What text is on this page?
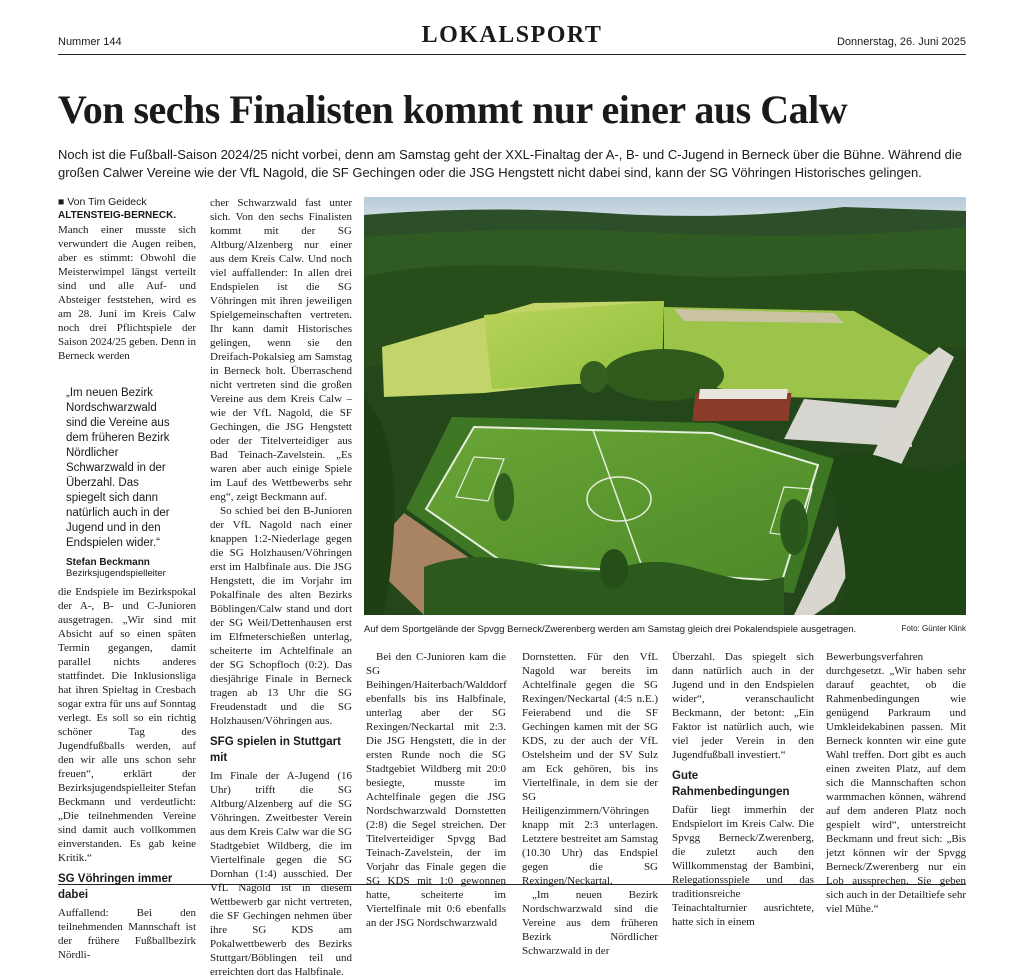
Nummer 144	LOKALSPORT	Donnerstag, 26. Juni 2025
Von sechs Finalisten kommt nur einer aus Calw

Noch ist die Fußball-Saison 2024/25 nicht vorbei, denn am Samstag geht der XXL-Finaltag der A-, B- und C-Jugend in Berneck über die Bühne. Während die großen Calwer Vereine wie der VfL Nagold, die SF Gechingen oder die JSG Hengstett nicht dabei sind, kann der SG Vöhringen Historisches gelingen.

■ Von Tim Geideck

ALTENSTEIG-BERNECK. Manch einer musste sich verwundert die Augen reiben, aber es stimmt: Obwohl die Meisterwimpel längst verteilt sind und alle Auf- und Absteiger feststehen, wird es am 28. Juni im Kreis Calw noch drei Pflichtspiele der Saison 2024/25 geben. Denn in Berneck werden

„Im neuen Bezirk Nordschwarzwald sind die Vereine aus dem früheren Bezirk Nördlicher Schwarzwald in der Überzahl. Das spiegelt sich dann natürlich auch in der Jugend und in den Endspielen wider.“

Stefan Beckmann
Bezirksjugendspielleiter

die Endspiele im Bezirkspokal der A-, B- und C-Junioren ausgetragen. „Wir sind mit Absicht auf so einen späten Termin gegangen, damit parallel nichts anderes stattfindet. Die Inklusionsliga hat ihren Spieltag in Cresbach sogar extra für uns auf Sonntag verlegt. Es soll so ein richtig schöner Tag des Jugendfußballs werden, auf den wir alle uns schon sehr freuen“, erklärt der Bezirksjugendspielleiter Stefan Beckmann und verdeutlicht: „Die teilnehmenden Vereine sind damit auch vollkommen einverstanden. Es gab keine Kritik.“

SG Vöhringen immer dabei

Auffallend: Bei den teilnehmenden Mannschaft ist der frühere Fußballbezirk Nördli-

cher Schwarzwald fast unter sich. Von den sechs Finalisten kommt mit der SG Altburg/Alzenberg nur einer aus dem Kreis Calw. Und noch viel auffallender: In allen drei Endspielen ist die SG Vöhringen mit ihren jeweiligen Spielgemeinschaften vertreten. Ihr kann damit Historisches gelingen, wenn sie den Dreifach-Pokalsieg am Samstag in Berneck holt. Überraschend nicht vertreten sind die großen Vereine aus dem Kreis Calw – wie der VfL Nagold, die SF Gechingen, die JSG Hengstett oder der Titelverteidiger aus Bad Teinach-Zavelstein. „Es waren aber auch einige Spiele im Lauf des Wettbewerbs sehr eng“, zeigt Beckmann auf.

So schied bei den B-Junioren der VfL Nagold nach einer knappen 1:2-Niederlage gegen die SG Holzhausen/Vöhringen erst im Halbfinale aus. Die JSG Hengstett, die im Vorjahr im Pokalfinale des alten Bezirks Böblingen/Calw stand und dort der SG Weil/Dettenhausen erst im Elfmeterschießen unterlag, scheiterte im Achtelfinale an der SG Schopfloch (0:2). Das diesjährige Finale in Berneck tragen ab 13 Uhr die SG Freudenstadt und die SG Holzhausen/Vöhringen aus.

SFG spielen in Stuttgart mit

Im Finale der A-Jugend (16 Uhr) trifft die SG Altburg/Alzenberg auf die SG Vöhringen. Zweitbester Verein aus dem Kreis Calw war die SG Stadtgebiet Wildberg, die im Viertelfinale gegen die SG Dornhan (1:4) ausschied. Der VfL Nagold ist in diesem Wettbewerb gar nicht vertreten, die SF Gechingen nehmen über ihre SG KDS am Pokalwettbewerb des Bezirks Stuttgart/Böblingen teil und erreichten dort das Halbfinale.

Auf dem Sportgelände der Spvgg Berneck/Zwerenberg werden am Samstag gleich drei Pokalendspiele ausgetragen.	Foto: Günter Klink

Bei den C-Junioren kam die SG Beihingen/Haiterbach/Walddorf ebenfalls bis ins Halbfinale, unterlag aber der SG Rexingen/Neckartal mit 2:3. Die JSG Hengstett, die in der ersten Runde noch die SG Stadtgebiet Wildberg mit 20:0 besiegte, musste im Achtelfinale gegen die JSG Nordschwarzwald Dornstetten (2:8) die Segel streichen. Der Titelverteidiger Spvgg Bad Teinach-Zavelstein, der im Vorjahr das Finale gegen die SG KDS mit 1:0 gewonnen hatte, scheiterte im Viertelfinale mit 0:6 ebenfalls an der JSG Nordschwarzwald

Dornstetten. Für den VfL Nagold war bereits im Achtelfinale gegen die SG Rexingen/Neckartal (4:5 n.E.) Feierabend und die SF Gechingen kamen mit der SG KDS, zu der auch der VfL Ostelsheim und der SV Sulz am Eck gehören, bis ins Viertelfinale, in dem sie der SG Heiligenzimmern/Vöhringen knapp mit 2:3 unterlagen. Letztere bestreitet am Samstag (10.30 Uhr) das Endspiel gegen die SG Rexingen/Neckartal.

„Im neuen Bezirk Nordschwarzwald sind die Vereine aus dem früheren Bezirk Nördlicher Schwarzwald in der

Überzahl. Das spiegelt sich dann natürlich auch in der Jugend und in den Endspielen wider“, veranschaulicht Beckmann, der betont: „Ein Faktor ist natürlich auch, wie viel jeder Verein in den Jugendfußball investiert.“

Gute Rahmenbedingungen

Dafür liegt immerhin der Endspielort im Kreis Calw. Die Spvgg Berneck/Zwerenberg, die zuletzt auch den Willkommenstag der Bambini, Relegationsspiele und das traditionsreiche Teinachtalturnier ausrichtete, hatte sich in einem

Bewerbungsverfahren durchgesetzt. „Wir haben sehr darauf geachtet, ob die Rahmenbedingungen wie genügend Parkraum und Umkleidekabinen passen. Mit Berneck konnten wir eine gute Wahl treffen. Dort gibt es auch einen zweiten Platz, auf dem sich die Mannschaften schon warmmachen können, während auf dem anderen Platz noch gespielt wird“, unterstreicht Beckmann und freut sich: „Bis jetzt können wir der Spvgg Berneck/Zwerenberg nur ein Lob aussprechen. Sie geben sich auch in der Detailtiefe sehr viel Mühe.“
